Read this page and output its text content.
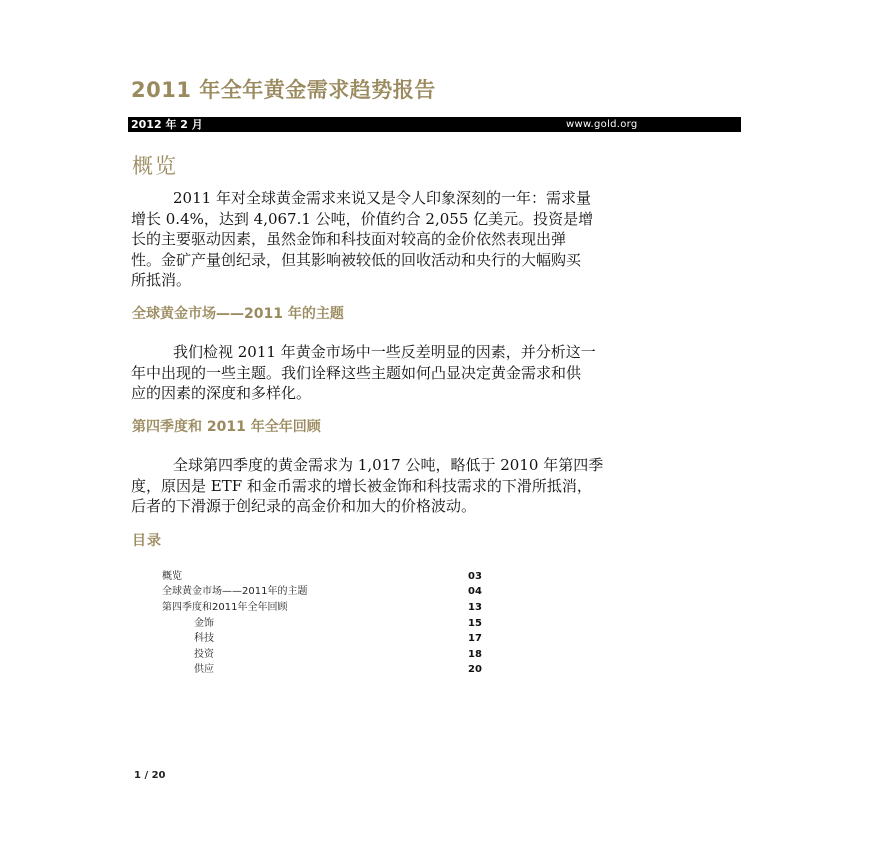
2011 年全年黄金需求趋势报告
2012 年 2 月	www.gold.org
概览
2011 年对全球黄金需求来说又是令人印象深刻的一年：需求量
增长 0.4%，达到 4,067.1 公吨，价值约合 2,055 亿美元。投资是增
长的主要驱动因素，虽然金饰和科技面对较高的金价依然表现出弹
性。金矿产量创纪录，但其影响被较低的回收活动和央行的大幅购买
所抵消。
全球黄金市场——2011 年的主题
我们检视 2011 年黄金市场中一些反差明显的因素，并分析这一
年中出现的一些主题。我们诠释这些主题如何凸显决定黄金需求和供
应的因素的深度和多样化。
第四季度和 2011 年全年回顾
全球第四季度的黄金需求为 1,017 公吨，略低于 2010 年第四季
度，原因是 ETF 和金币需求的增长被金饰和科技需求的下滑所抵消，
后者的下滑源于创纪录的高金价和加大的价格波动。
目录
概览	03
全球黄金市场——2011年的主题	04
第四季度和2011年全年回顾	13
金饰	15
科技	17
投资	18
供应	20
1 / 20
